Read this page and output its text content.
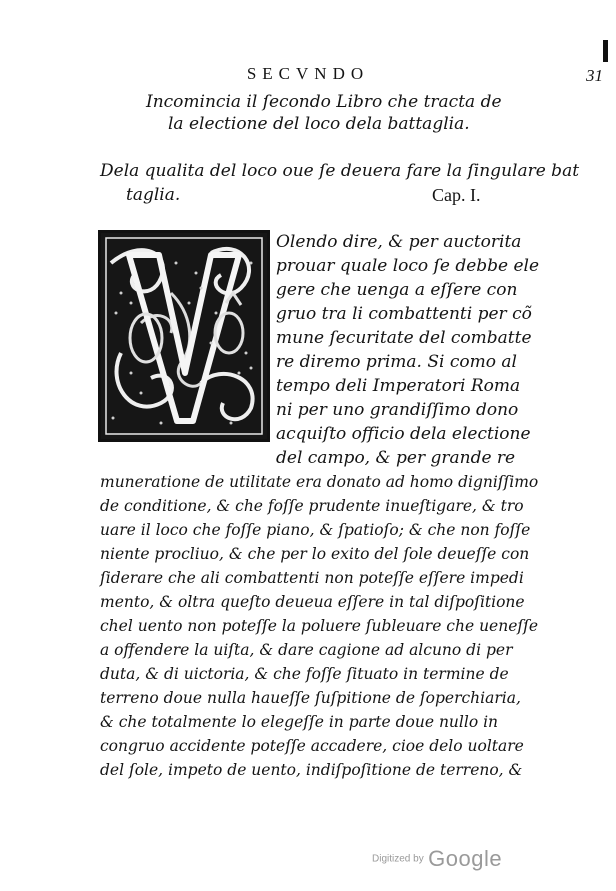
SECVNDO	31
Incomincia il ſecondo Libro che tracta de
la electione del loco dela battaglia.
Dela qualita del loco oue ſe deuera fare la ſingulare bat
taglia.	Cap. I.
Olendo dire, & per auctorita
prouar quale loco ſe debbe ele
gere che uenga a eſſere con
gruo tra li combattenti per cõ
mune ſecuritate del combatte
re diremo prima. Si como al
tempo deli Imperatori Roma
ni per uno grandiſſimo dono
acquiſto officio dela electione
del campo, & per grande re
muneratione de utilitate era donato ad homo digniſſimo
de conditione, & che foſſe prudente inueſtigare, & tro
uare il loco che foſſe piano, & ſpatioſo; & che non foſſe
niente procliuo, & che per lo exito del ſole deueſſe con
ſiderare che ali combattenti non poteſſe eſſere impedi
mento, & oltra queſto deueua eſſere in tal diſpoſitione
chel uento non poteſſe la poluere ſubleuare che ueneſſe
a offendere la uiſta, & dare cagione ad alcuno di per
duta, & di uictoria, & che foſſe ſituato in termine de
terreno doue nulla haueſſe ſuſpitione de ſoperchiaria,
& che totalmente lo elegeſſe in parte doue nullo in
congruo accidente poteſſe accadere, cioe delo uoltare
del ſole, impeto de uento, indiſpoſitione de terreno, &
Digitized by Google
